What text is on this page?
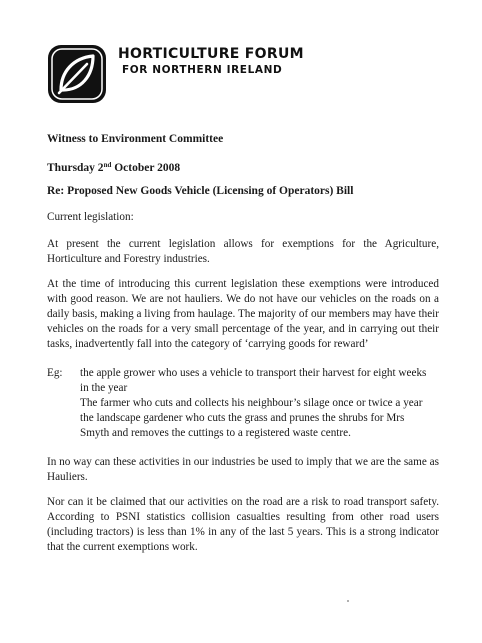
HORTICULTURE FORUM
FOR NORTHERN IRELAND
Witness to Environment Committee
Thursday 2nd October 2008
Re: Proposed New Goods Vehicle (Licensing of Operators) Bill

Current legislation:

At present the current legislation allows for exemptions for the Agriculture, Horticulture and Forestry industries.

At the time of introducing this current legislation these exemptions were introduced with good reason. We are not hauliers. We do not have our vehicles on the roads on a daily basis, making a living from haulage. The majority of our members may have their vehicles on the roads for a very small percentage of the year, and in carrying out their tasks, inadvertently fall into the category of ‘carrying goods for reward’

Eg: the apple grower who uses a vehicle to transport their harvest for eight weeks in the year
The farmer who cuts and collects his neighbour’s silage once or twice a year
the landscape gardener who cuts the grass and prunes the shrubs for Mrs Smyth and removes the cuttings to a registered waste centre.

In no way can these activities in our industries be used to imply that we are the same as Hauliers.

Nor can it be claimed that our activities on the road are a risk to road transport safety. According to PSNI statistics collision casualties resulting from other road users (including tractors) is less than 1% in any of the last 5 years. This is a strong indicator that the current exemptions work.
